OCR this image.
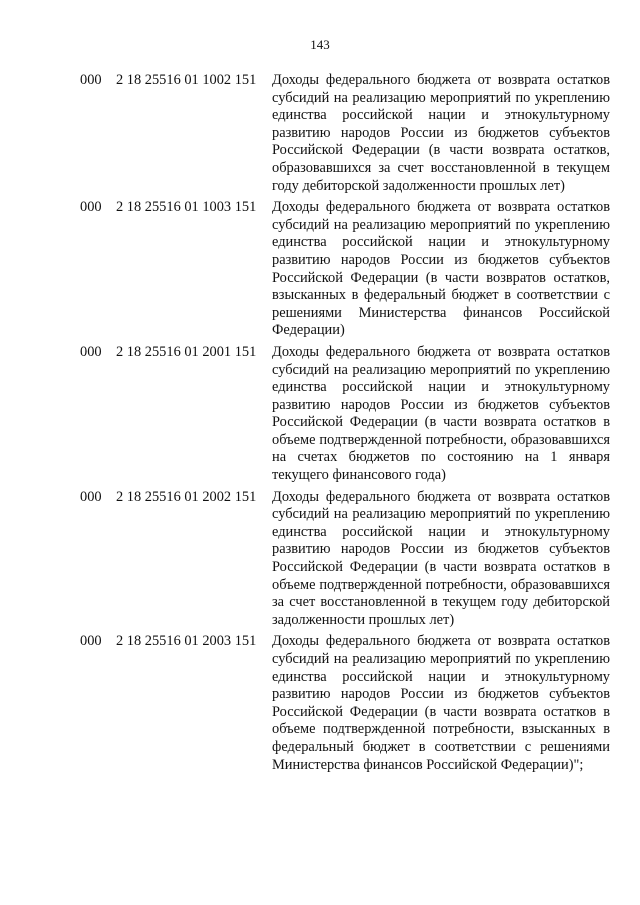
143
000 2 18 25516 01 1002 151 Доходы федерального бюджета от возврата остатков субсидий на реализацию мероприятий по укреплению единства российской нации и этнокультурному развитию народов России из бюджетов субъектов Российской Федерации (в части возврата остатков, образовавшихся за счет восстановленной в текущем году дебиторской задолженности прошлых лет)
000 2 18 25516 01 1003 151 Доходы федерального бюджета от возврата остатков субсидий на реализацию мероприятий по укреплению единства российской нации и этнокультурному развитию народов России из бюджетов субъектов Российской Федерации (в части возвратов остатков, взысканных в федеральный бюджет в соответствии с решениями Министерства финансов Российской Федерации)
000 2 18 25516 01 2001 151 Доходы федерального бюджета от возврата остатков субсидий на реализацию мероприятий по укреплению единства российской нации и этнокультурному развитию народов России из бюджетов субъектов Российской Федерации (в части возврата остатков в объеме подтвержденной потребности, образовавшихся на счетах бюджетов по состоянию на 1 января текущего финансового года)
000 2 18 25516 01 2002 151 Доходы федерального бюджета от возврата остатков субсидий на реализацию мероприятий по укреплению единства российской нации и этнокультурному развитию народов России из бюджетов субъектов Российской Федерации (в части возврата остатков в объеме подтвержденной потребности, образовавшихся за счет восстановленной в текущем году дебиторской задолженности прошлых лет)
000 2 18 25516 01 2003 151 Доходы федерального бюджета от возврата остатков субсидий на реализацию мероприятий по укреплению единства российской нации и этнокультурному развитию народов России из бюджетов субъектов Российской Федерации (в части возврата остатков в объеме подтвержденной потребности, взысканных в федеральный бюджет в соответствии с решениями Министерства финансов Российской Федерации)";
